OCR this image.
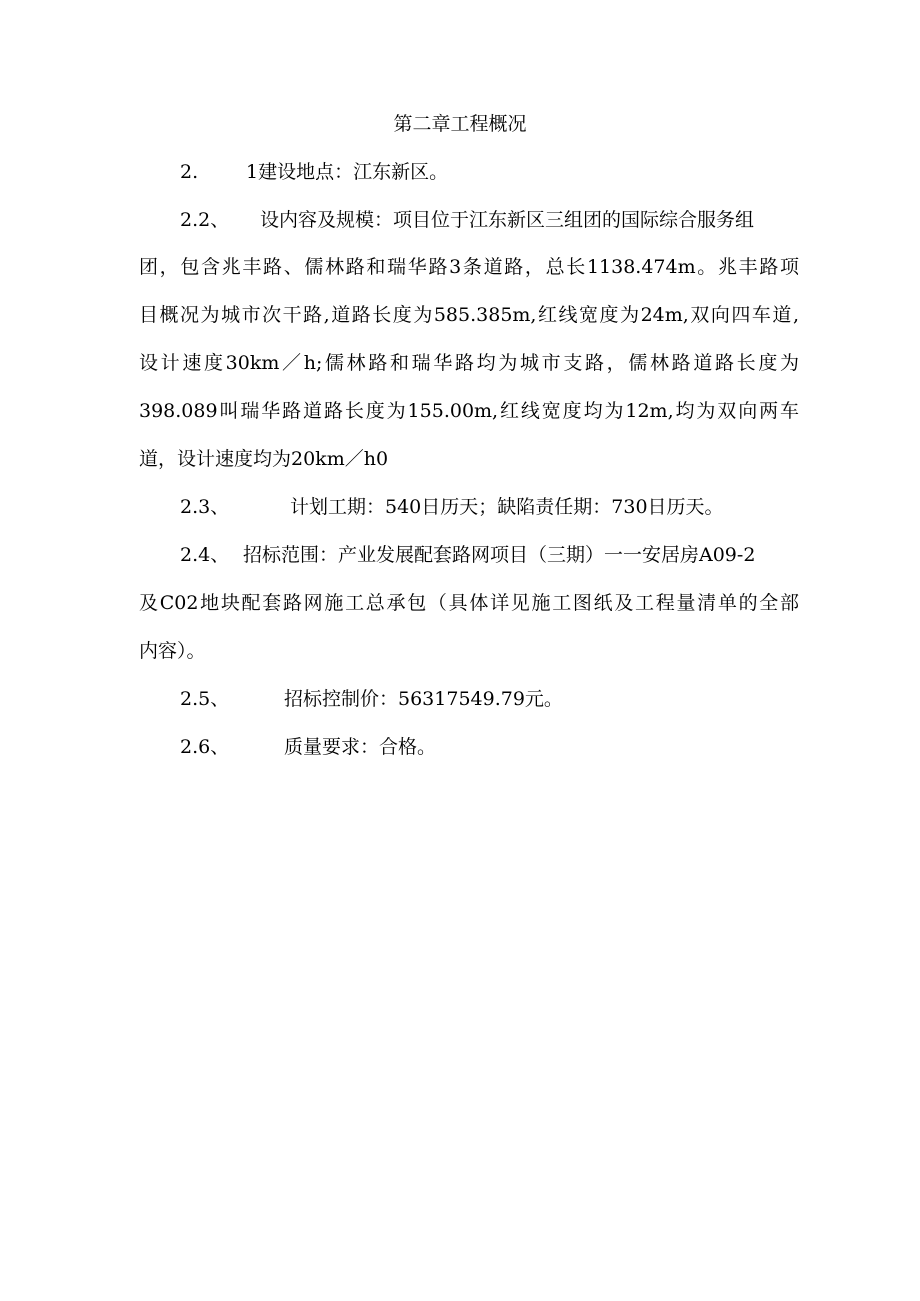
第二章工程概况
2.	1建设地点：江东新区。
2.2、 设内容及规模：项目位于江东新区三组团的国际综合服务组
团，包含兆丰路、儒林路和瑞华路3条道路，总长1138.474m。兆丰路项
目概况为城市次干路,道路长度为585.385m,红线宽度为24m,双向四车道,
设计速度30km／h;儒林路和瑞华路均为城市支路，儒林路道路长度为
398.089叫瑞华路道路长度为155.00m,红线宽度均为12m,均为双向两车
道，设计速度均为20km／h0
2.3、	计划工期：540日历天；缺陷责任期：730日历天。
2.4、 招标范围：产业发展配套路网项目（三期）一一安居房A09-2
及C02地块配套路网施工总承包（具体详见施工图纸及工程量清单的全部
内容）。
2.5、	招标控制价：56317549.79元。
2.6、	质量要求：合格。
